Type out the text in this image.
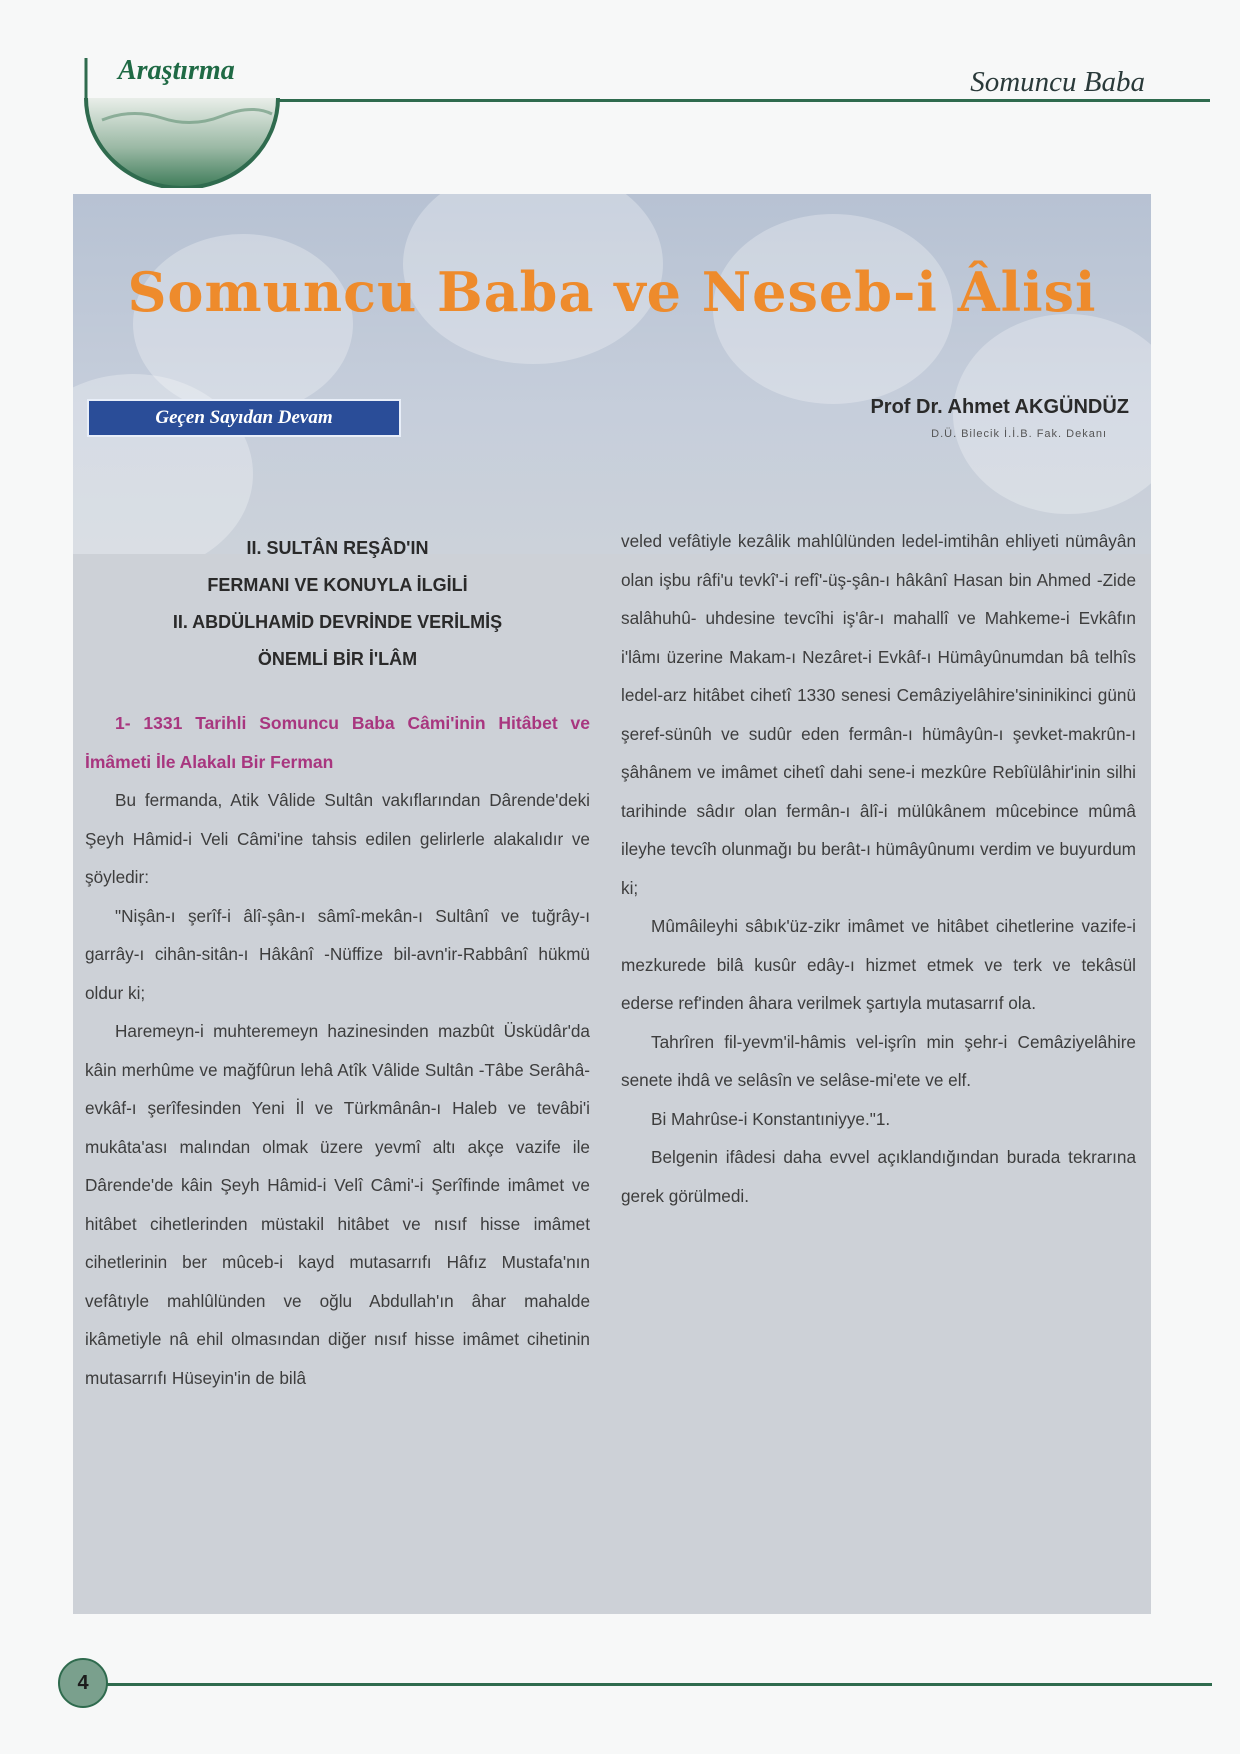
Araştırma	Somuncu Baba
Somuncu Baba ve Neseb-i Âlisi
Geçen Sayıdan Devam	Prof Dr. Ahmet AKGÜNDÜZ
D.Ü. Bilecik İ.İ.B. Fak. Dekanı
II. SULTÂN REŞÂD'IN
FERMANI VE KONUYLA İLGİLİ
II. ABDÜLHAMİD DEVRİNDE VERİLMİŞ
ÖNEMLİ BİR İ'LÂM

1- 1331 Tarihli Somuncu Baba Câmi'inin Hitâbet ve İmâmeti İle Alakalı Bir Ferman

Bu fermanda, Atik Vâlide Sultân vakıflarından Dârende'deki Şeyh Hâmid-i Veli Câmi'ine tahsis edilen gelirlerle alakalıdır ve şöyledir:

"Nişân-ı şerîf-i âlî-şân-ı sâmî-mekân-ı Sultânî ve tuğrây-ı garrây-ı cihân-sitân-ı Hâkânî -Nüffize bil-avn'ir-Rabbânî hükmü oldur ki;

Haremeyn-i muhteremeyn hazinesinden mazbût Üsküdâr'da kâin merhûme ve mağfûrun lehâ Atîk Vâlide Sultân -Tâbe Serâhâ-evkâf-ı şerîfesinden Yeni İl ve Türkmânân-ı Haleb ve tevâbi'i mukâta'ası malından olmak üzere yevmî altı akçe vazife ile Dârende'de kâin Şeyh Hâmid-i Velî Câmi'-i Şerîfinde imâmet ve hitâbet cihetlerinden müstakil hitâbet ve nısıf hisse imâmet cihetlerinin ber mûceb-i kayd mutasarrıfı Hâfız Mustafa'nın vefâtıyle mahlûlünden ve oğlu Abdullah'ın âhar mahalde ikâmetiyle nâ ehil olmasından diğer nısıf hisse imâmet cihetinin mutasarrıfı Hüseyin'in de bilâ

veled vefâtiyle kezâlik mahlûlünden ledel-imtihân ehliyeti nümâyân olan işbu râfi'u tevkî'-i refî'-üş-şân-ı hâkânî Hasan bin Ahmed -Zide salâhuhû- uhdesine tevcîhi iş'âr-ı mahallî ve Mahkeme-i Evkâfın i'lâmı üzerine Makam-ı Nezâret-i Evkâf-ı Hümâyûnumdan bâ telhîs ledel-arz hitâbet cihetî 1330 senesi Cemâziyelâhire'sininikinci günü şeref-sünûh ve sudûr eden fermân-ı hümâyûn-ı şevket-makrûn-ı şâhânem ve imâmet cihetî dahi sene-i mezkûre Rebîülâhir'inin silhi tarihinde sâdır olan fermân-ı âlî-i mülûkânem mûcebince mûmâ ileyhe tevcîh olunmağı bu berât-ı hümâyûnumı verdim ve buyurdum ki;

Mûmâileyhi sâbık'üz-zikr imâmet ve hitâbet cihetlerine vazife-i mezkurede bilâ kusûr edây-ı hizmet etmek ve terk ve tekâsül ederse ref'inden âhara verilmek şartıyla mutasarrıf ola.

Tahrîren fil-yevm'il-hâmis vel-işrîn min şehr-i Cemâziyelâhire senete ihdâ ve selâsîn ve selâse-mi'ete ve elf.

Bi Mahrûse-i Konstantıniyye."1.

Belgenin ifâdesi daha evvel açıklandığından burada tekrarına gerek görülmedi.

4
